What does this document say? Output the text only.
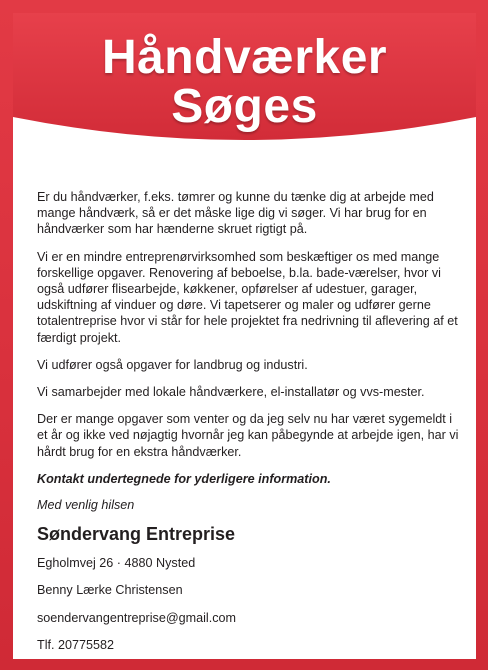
Håndværker
Søges

Er du håndværker, f.eks. tømrer og kunne du tænke dig at arbejde med mange håndværk, så er det måske lige dig vi søger. Vi har brug for en håndværker som har hænderne skruet rigtigt på.

Vi er en mindre entreprenørvirksomhed som beskæftiger os med mange forskellige opgaver. Renovering af beboelse, b.la. bade-værelser, hvor vi også udfører flisearbejde, køkkener, opførelser af udestuer, garager, udskiftning af vinduer og døre. Vi tapetserer og maler og udfører gerne totalentreprise hvor vi står for hele projektet fra nedrivning til aflevering af et færdigt projekt.

Vi udfører også opgaver for landbrug og industri.

Vi samarbejder med lokale håndværkere, el-installatør og vvs-mester.

Der er mange opgaver som venter og da jeg selv nu har været sygemeldt i et år og ikke ved nøjagtig hvornår jeg kan påbegynde at arbejde igen, har vi hårdt brug for en ekstra håndværker.

Kontakt undertegnede for yderligere information.

Med venlig hilsen

Søndervang Entreprise

Egholmvej 26 · 4880 Nysted

Benny Lærke Christensen

soendervangentreprise@gmail.com

Tlf. 20775582
